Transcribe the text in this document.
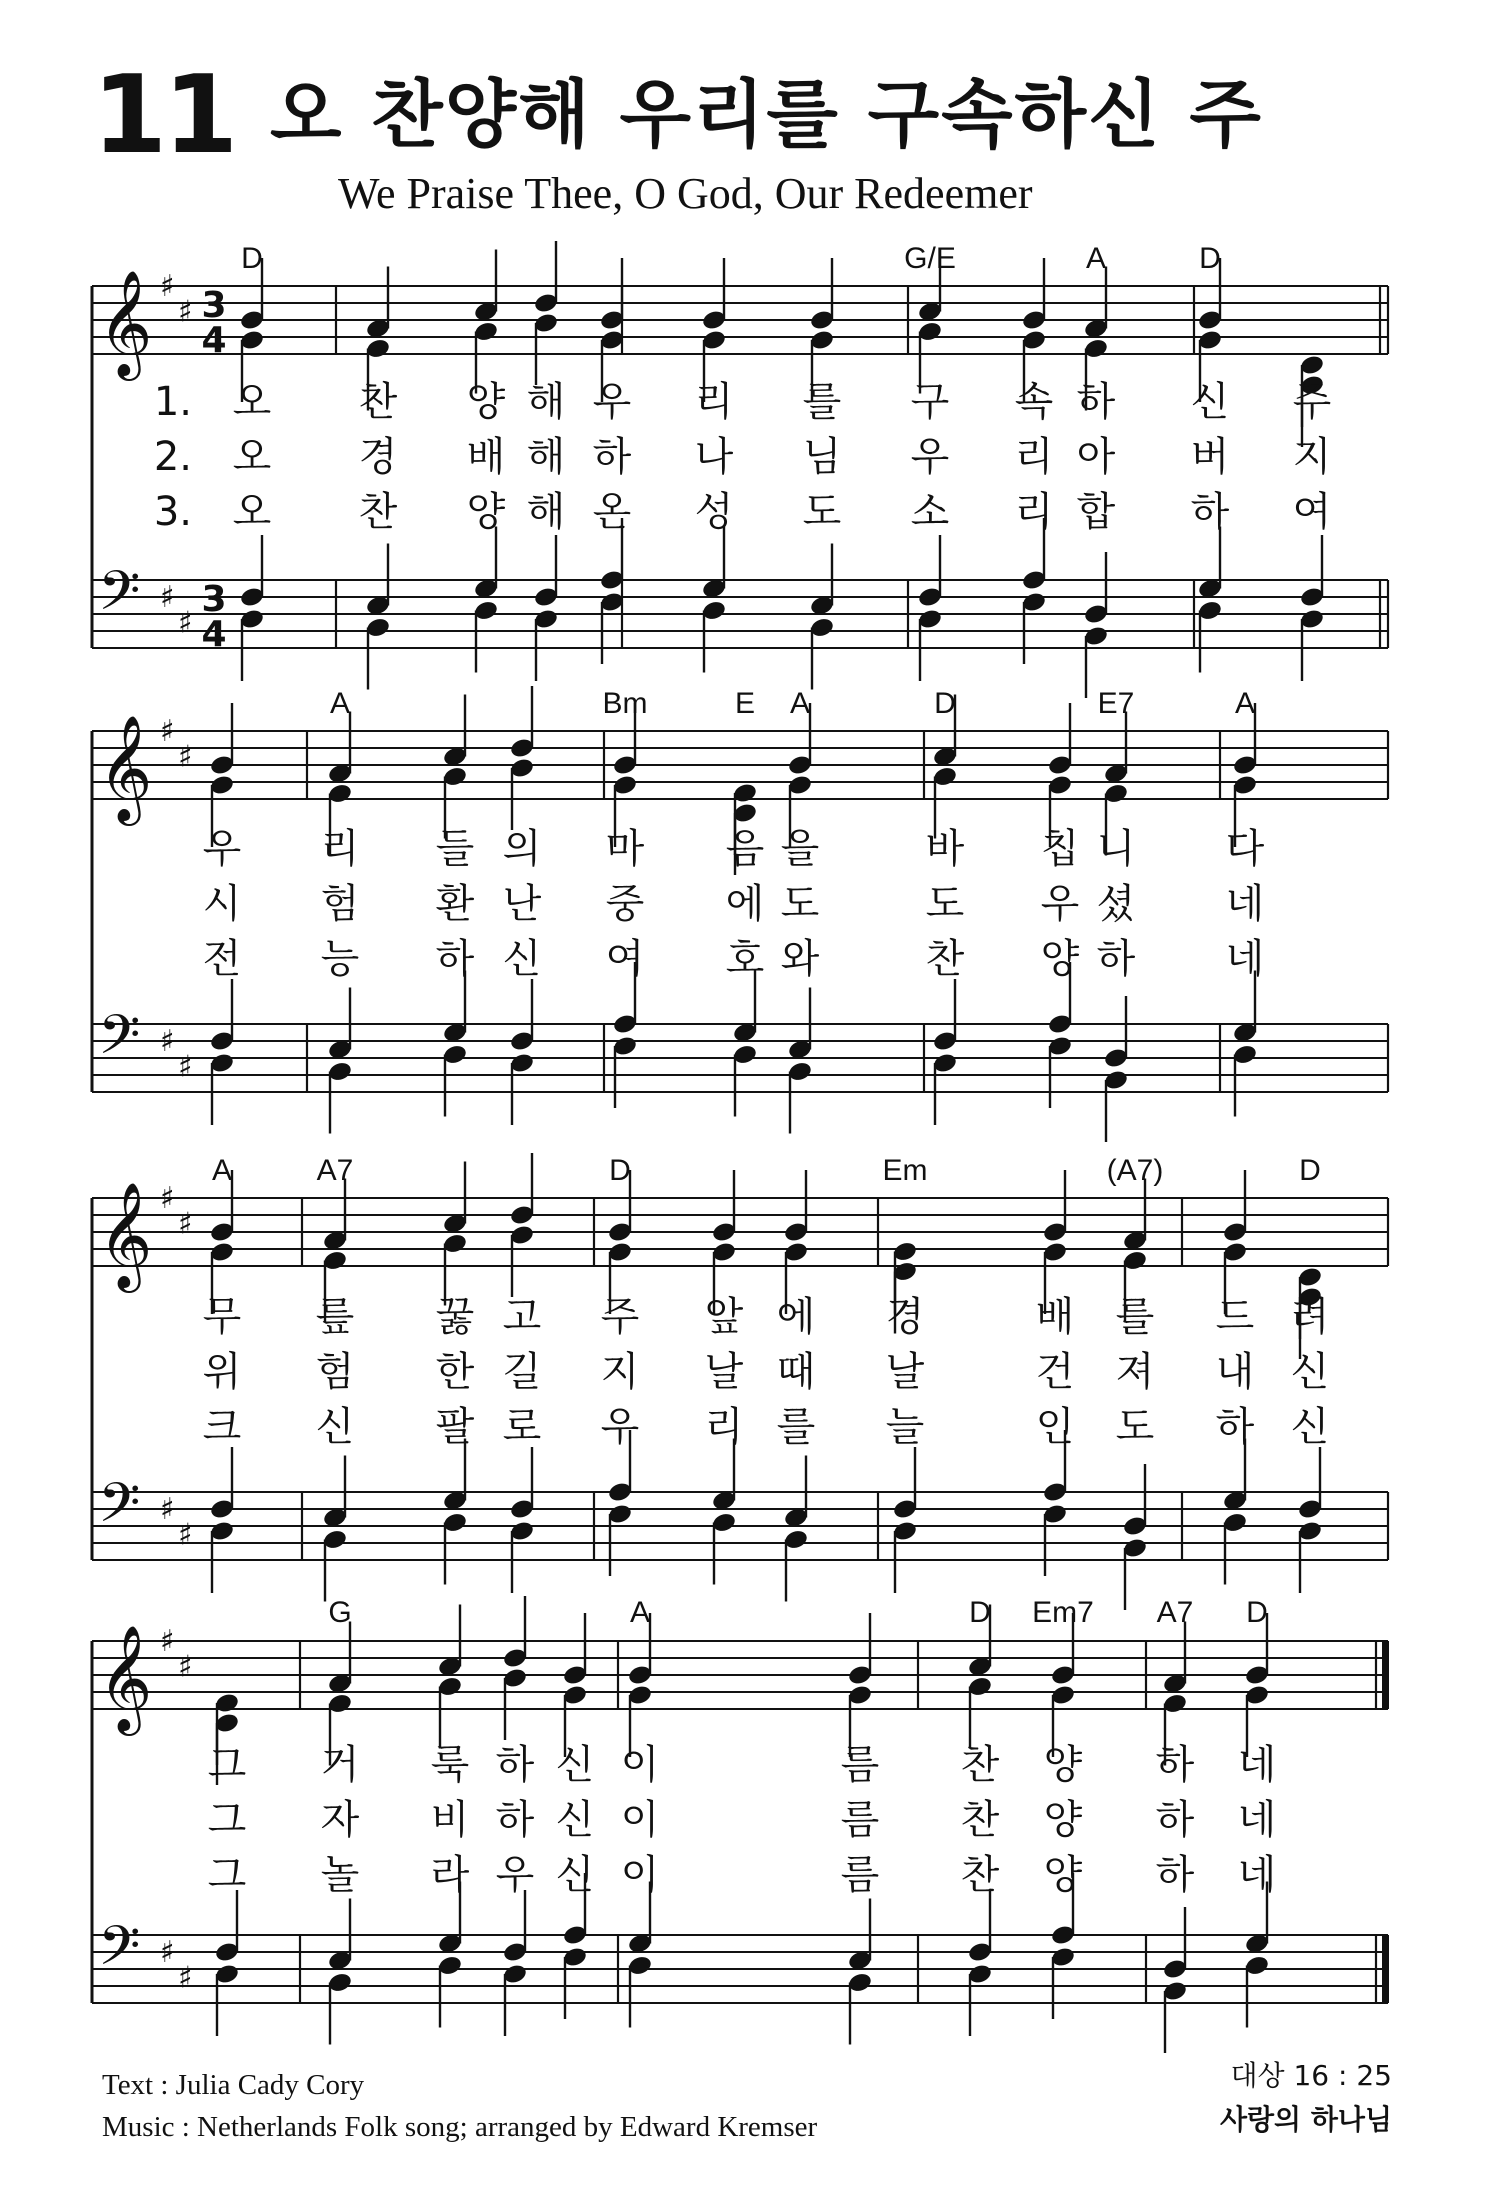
11 오 찬양해 우리를 구속하신 주
We Praise Thee, O God, Our Redeemer
𝄞 ♯
♯
𝄢 ♯
♯
3
4
3
4
D	G/E	A	D
1. 오 찬 양 해 우 리 를 구 속 하 신 주
2. 오 경 배 해 하 나 님 우 리 아 버 지
3. 오 찬 양 해 온 성 도 소 리 합 하 여
𝄞 ♯
♯
𝄢 ♯
♯
A	Bm	E A	D	E7	A
우 리 들 의 마 음 을	바 칩 니 다
시 험 환 난 중 에 도	도 우 셨 네
전 능 하 신 여 호 와	찬 양 하 네
𝄞 ♯
♯
𝄢 ♯
♯
A	A7	D	Em	(A7)	D
무 릎 꿇 고 주 앞 에 경	배 를 드 려
위 험 한 길 지 날 때 날	건 져 내 신
크 신 팔 로 우 리 를 늘	인 도 하 신
𝄞 ♯
♯
𝄢 ♯
♯
G	A	D Em7 A7 D
그 거 룩 하 신 이	름 찬 양 하 네
그 자 비 하 신 이	름 찬 양 하 네
그 놀 라 우 신 이	름 찬 양 하 네
Text : Julia Cady Cory
Music : Netherlands Folk song; arranged by Edward Kremser
대상 16 : 25
사랑의 하나님
